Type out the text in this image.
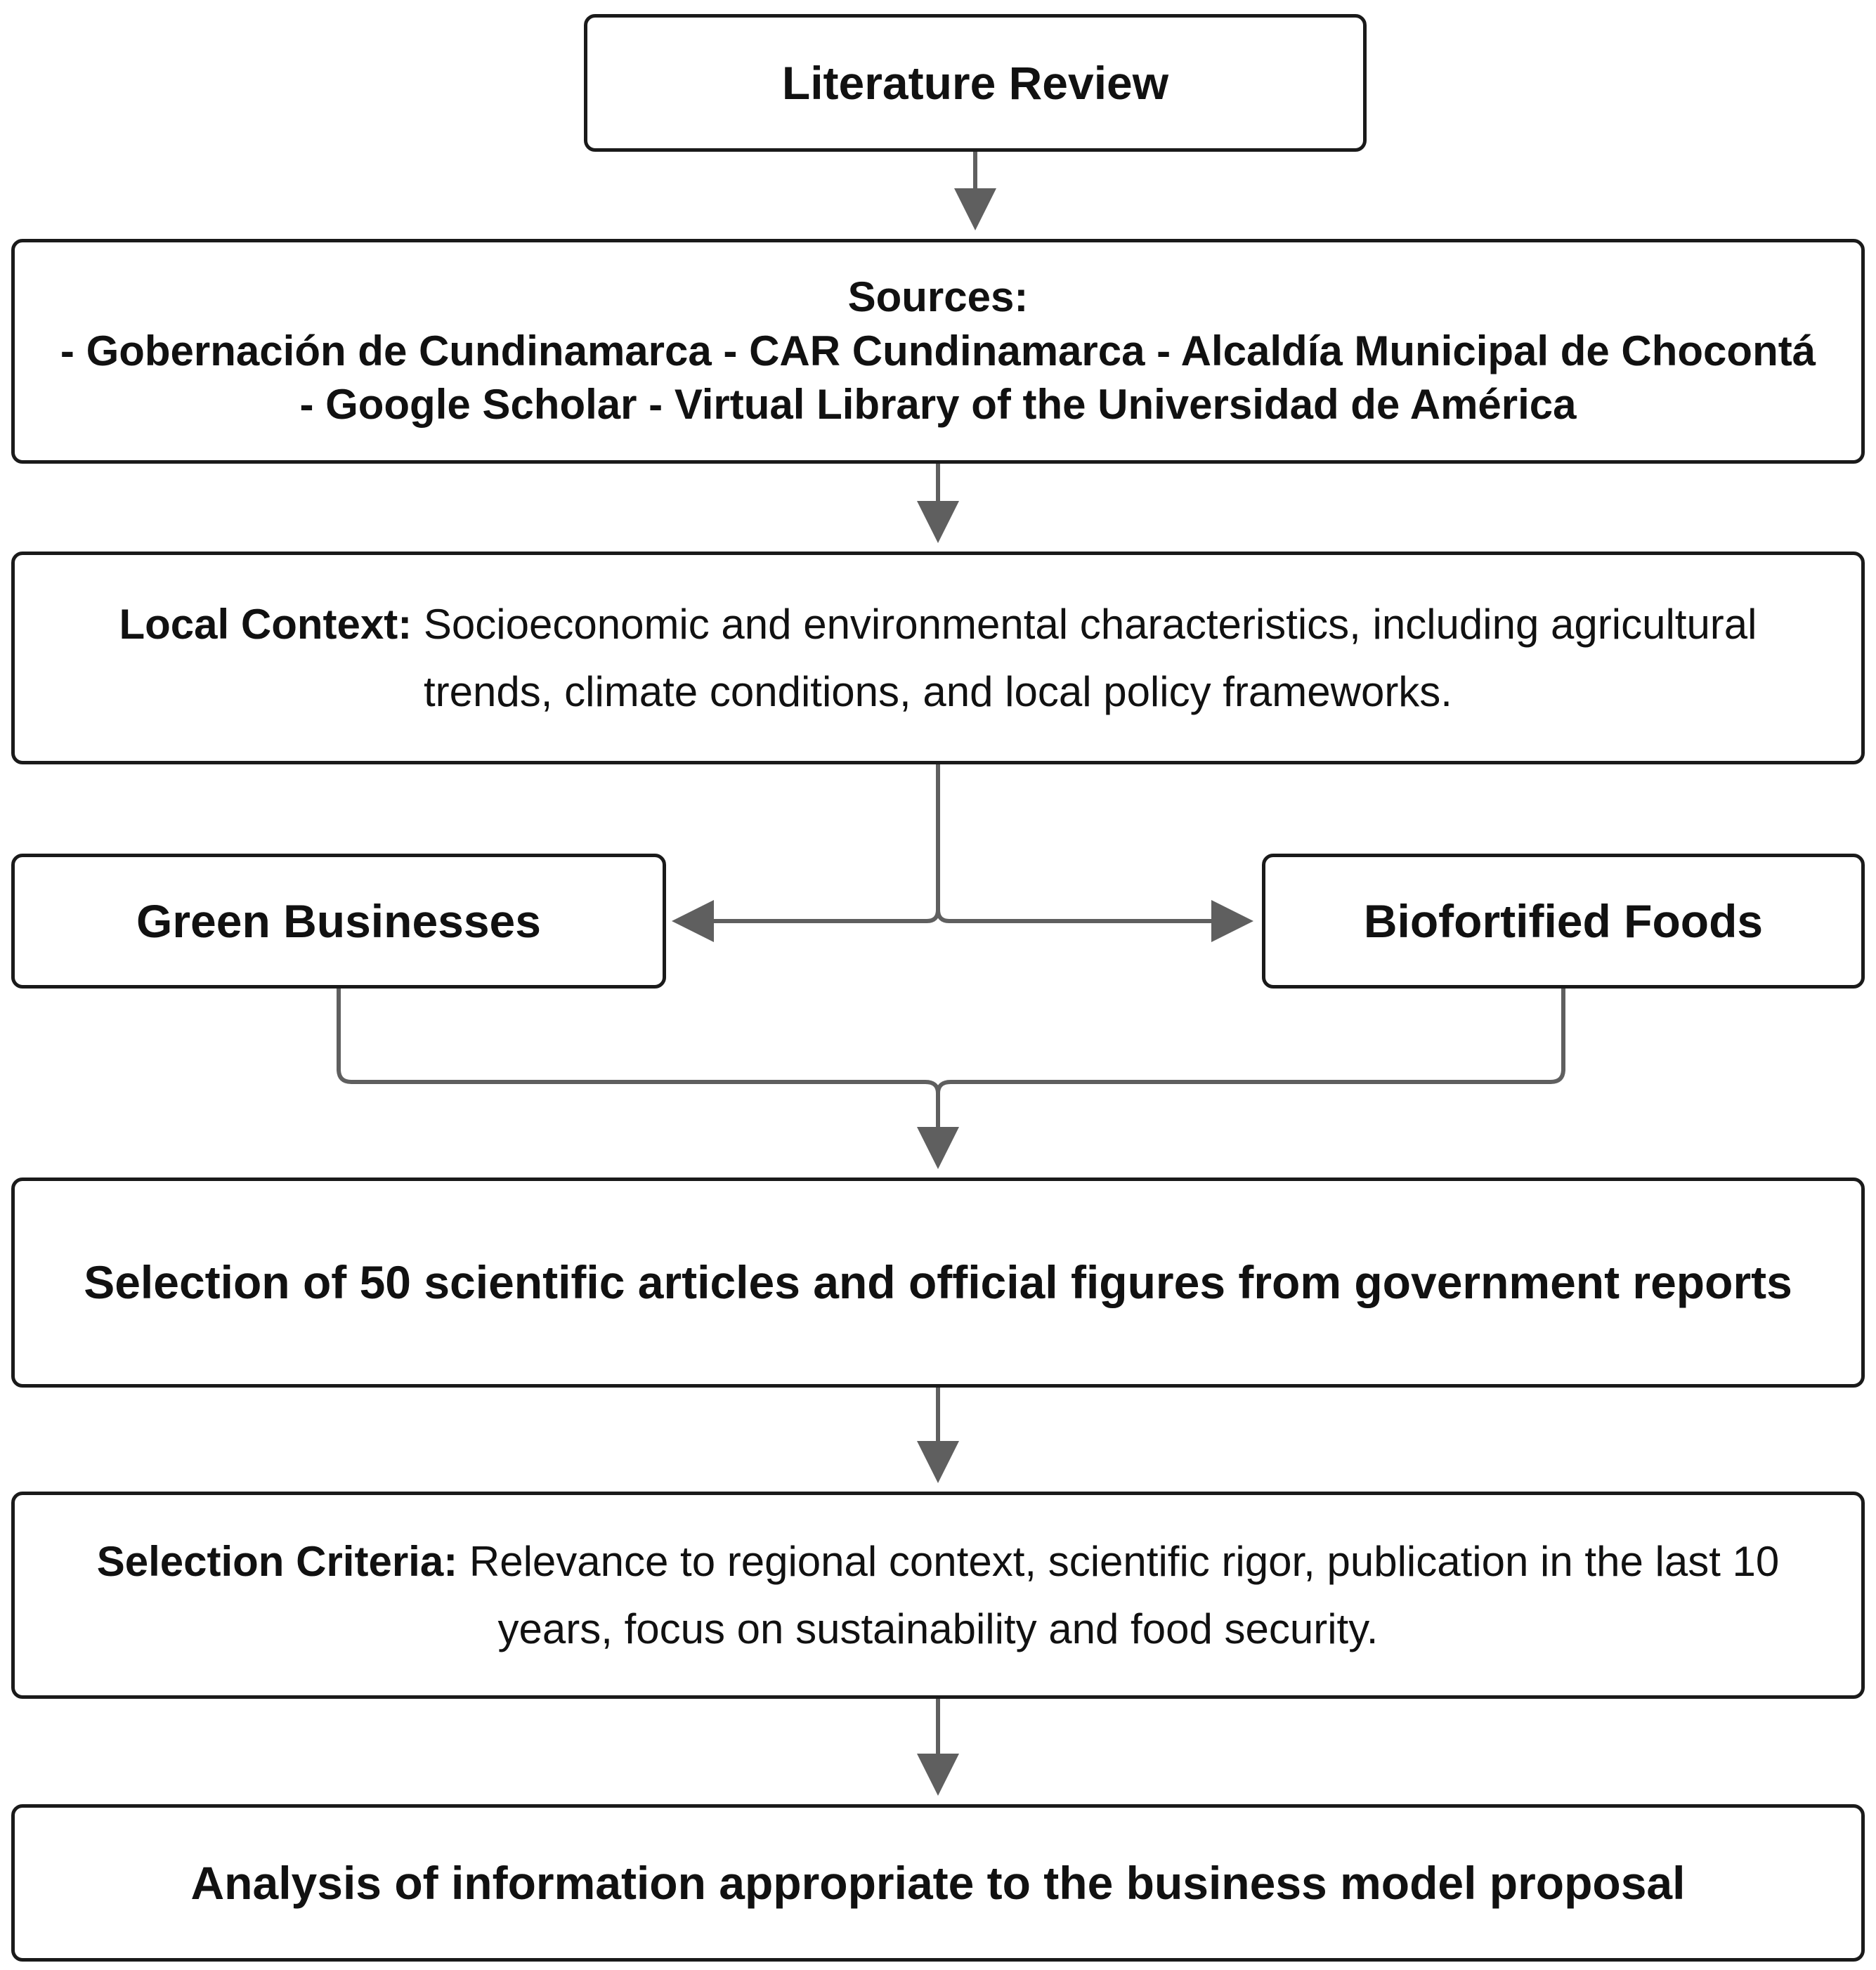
Literature Review
Sources:
- Gobernación de Cundinamarca - CAR Cundinamarca - Alcaldía Municipal de Chocontá - Google Scholar - Virtual Library of the Universidad de América
Local Context: Socioeconomic and environmental characteristics, including agricultural trends, climate conditions, and local policy frameworks.
Green Businesses	Biofortified Foods
Selection of 50 scientific articles and official figures from government reports
Selection Criteria: Relevance to regional context, scientific rigor, publication in the last 10 years, focus on sustainability and food security.
Analysis of information appropriate to the business model proposal
